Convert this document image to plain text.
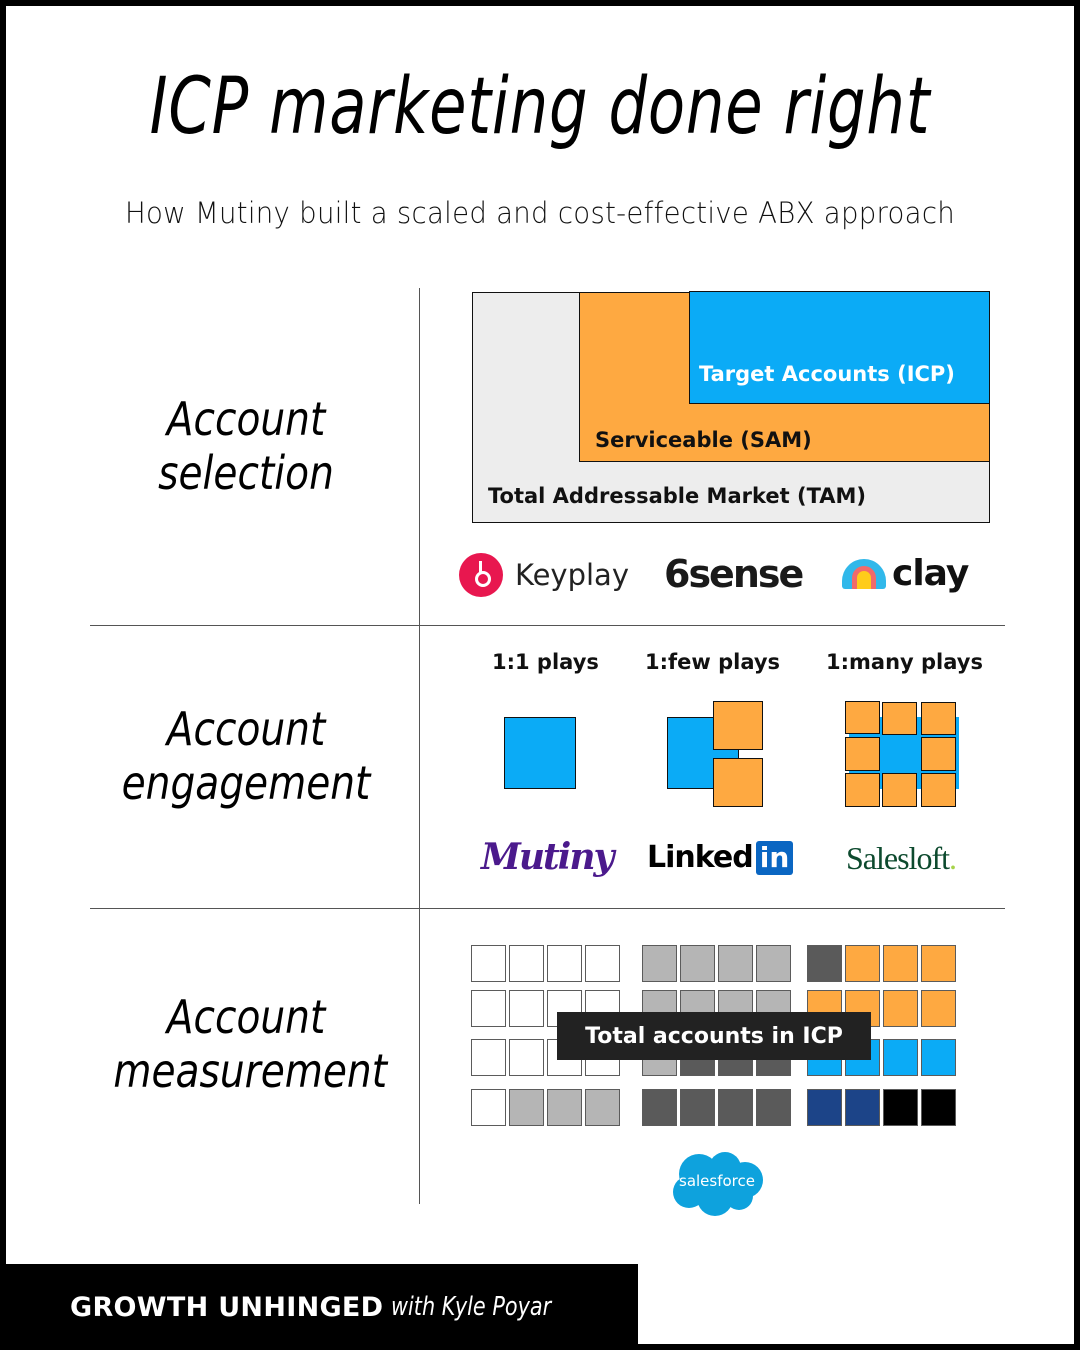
ICP marketing done right
How Mutiny built a scaled and cost-effective ABX approach
Account
selection	Total Addressable Market (TAM)
Serviceable (SAM)
Target Accounts (ICP)
Keyplay 6sense clay
Account
engagement
1:1 plays 1:few plays 1:many plays
Mutiny Linked in Salesloft .
Account
measurement
Total accounts in ICP
salesforce
GROWTH UNHINGED with Kyle Poyar
